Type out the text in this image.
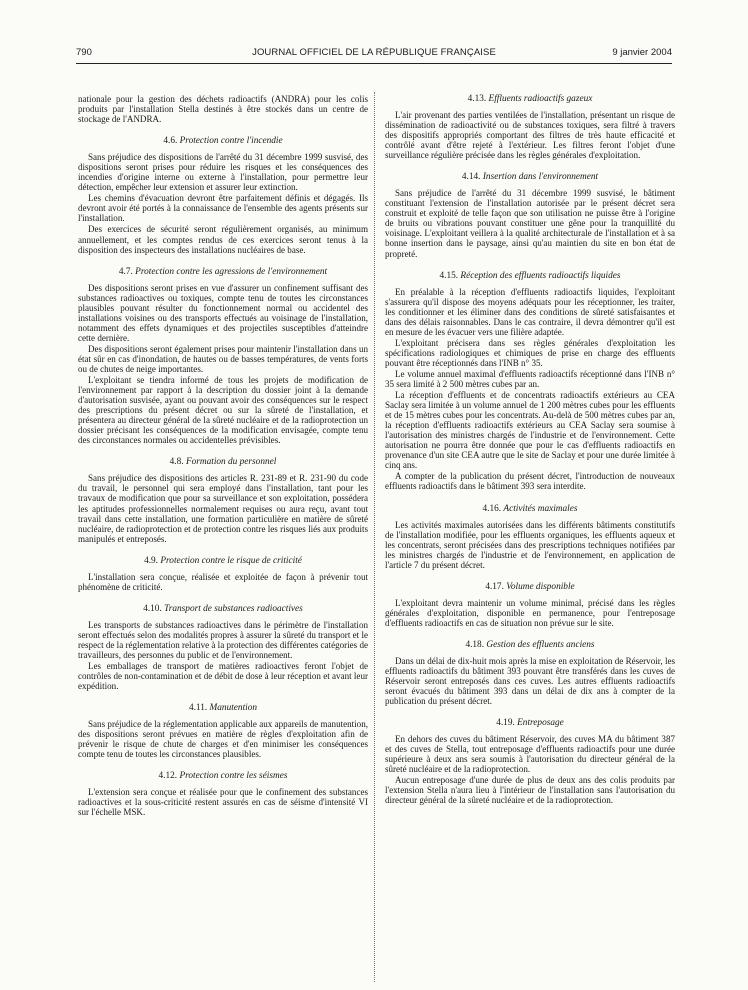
790	JOURNAL OFFICIEL DE LA RÉPUBLIQUE FRANÇAISE	9 janvier 2004

nationale pour la gestion des déchets radioactifs (ANDRA) pour les colis produits par l'installation Stella destinés à être stockés dans un centre de stockage de l'ANDRA.

4.6. Protection contre l'incendie

Sans préjudice des dispositions de l'arrêté du 31 décembre 1999 susvisé, des dispositions seront prises pour réduire les risques et les conséquences des incendies d'origine interne ou externe à l'installation, pour permettre leur détection, empêcher leur extension et assurer leur extinction.

Les chemins d'évacuation devront être parfaitement définis et dégagés. Ils devront avoir été portés à la connaissance de l'ensemble des agents présents sur l'installation.

Des exercices de sécurité seront régulièrement organisés, au minimum annuellement, et les comptes rendus de ces exercices seront tenus à la disposition des inspecteurs des installations nucléaires de base.

4.7. Protection contre les agressions de l'environnement

Des dispositions seront prises en vue d'assurer un confinement suffisant des substances radioactives ou toxiques, compte tenu de toutes les circonstances plausibles pouvant résulter du fonctionnement normal ou accidentel des installations voisines ou des transports effectués au voisinage de l'installation, notamment des effets dynamiques et des projectiles susceptibles d'atteindre cette dernière.

Des dispositions seront également prises pour maintenir l'installation dans un état sûr en cas d'inondation, de hautes ou de basses températures, de vents forts ou de chutes de neige importantes.

L'exploitant se tiendra informé de tous les projets de modification de l'environnement par rapport à la description du dossier joint à la demande d'autorisation susvisée, ayant ou pouvant avoir des conséquences sur le respect des prescriptions du présent décret ou sur la sûreté de l'installation, et présentera au directeur général de la sûreté nucléaire et de la radioprotection un dossier précisant les conséquences de la modification envisagée, compte tenu des circonstances normales ou accidentelles prévisibles.

4.8. Formation du personnel

Sans préjudice des dispositions des articles R. 231-89 et R. 231-90 du code du travail, le personnel qui sera employé dans l'installation, tant pour les travaux de modification que pour sa surveillance et son exploitation, possédera les aptitudes professionnelles normalement requises ou aura reçu, avant tout travail dans cette installation, une formation particulière en matière de sûreté nucléaire, de radioprotection et de protection contre les risques liés aux produits manipulés et entreposés.

4.9. Protection contre le risque de criticité

L'installation sera conçue, réalisée et exploitée de façon à prévenir tout phénomène de criticité.

4.10. Transport de substances radioactives

Les transports de substances radioactives dans le périmètre de l'installation seront effectués selon des modalités propres à assurer la sûreté du transport et le respect de la réglementation relative à la protection des différentes catégories de travailleurs, des personnes du public et de l'environnement.

Les emballages de transport de matières radioactives feront l'objet de contrôles de non-contamination et de débit de dose à leur réception et avant leur expédition.

4.11. Manutention

Sans préjudice de la réglementation applicable aux appareils de manutention, des dispositions seront prévues en matière de règles d'exploitation afin de prévenir le risque de chute de charges et d'en minimiser les conséquences compte tenu de toutes les circonstances plausibles.

4.12. Protection contre les séismes

L'extension sera conçue et réalisée pour que le confinement des substances radioactives et la sous-criticité restent assurés en cas de séisme d'intensité VI sur l'échelle MSK.

4.13. Effluents radioactifs gazeux

L'air provenant des parties ventilées de l'installation, présentant un risque de dissémination de radioactivité ou de substances toxiques, sera filtré à travers des dispositifs appropriés comportant des filtres de très haute efficacité et contrôlé avant d'être rejeté à l'extérieur. Les filtres feront l'objet d'une surveillance régulière précisée dans les règles générales d'exploitation.

4.14. Insertion dans l'environnement

Sans préjudice de l'arrêté du 31 décembre 1999 susvisé, le bâtiment constituant l'extension de l'installation autorisée par le présent décret sera construit et exploité de telle façon que son utilisation ne puisse être à l'origine de bruits ou vibrations pouvant constituer une gêne pour la tranquillité du voisinage. L'exploitant veillera à la qualité architecturale de l'installation et à sa bonne insertion dans le paysage, ainsi qu'au maintien du site en bon état de propreté.

4.15. Réception des effluents radioactifs liquides

En préalable à la réception d'effluents radioactifs liquides, l'exploitant s'assurera qu'il dispose des moyens adéquats pour les réceptionner, les traiter, les conditionner et les éliminer dans des conditions de sûreté satisfaisantes et dans des délais raisonnables. Dans le cas contraire, il devra démontrer qu'il est en mesure de les évacuer vers une filière adaptée.

L'exploitant précisera dans ses règles générales d'exploitation les spécifications radiologiques et chimiques de prise en charge des effluents pouvant être réceptionnés dans l'INB n° 35.

Le volume annuel maximal d'effluents radioactifs réceptionné dans l'INB n° 35 sera limité à 2 500 mètres cubes par an.

La réception d'effluents et de concentrats radioactifs extérieurs au CEA Saclay sera limitée à un volume annuel de 1 200 mètres cubes pour les effluents et de 15 mètres cubes pour les concentrats. Au-delà de 500 mètres cubes par an, la réception d'effluents radioactifs extérieurs au CEA Saclay sera soumise à l'autorisation des ministres chargés de l'industrie et de l'environnement. Cette autorisation ne pourra être donnée que pour le cas d'effluents radioactifs en provenance d'un site CEA autre que le site de Saclay et pour une durée limitée à cinq ans.

A compter de la publication du présent décret, l'introduction de nouveaux effluents radioactifs dans le bâtiment 393 sera interdite.

4.16. Activités maximales

Les activités maximales autorisées dans les différents bâtiments constitutifs de l'installation modifiée, pour les effluents organiques, les effluents aqueux et les concentrats, seront précisées dans des prescriptions techniques notifiées par les ministres chargés de l'industrie et de l'environnement, en application de l'article 7 du présent décret.

4.17. Volume disponible

L'exploitant devra maintenir un volume minimal, précisé dans les règles générales d'exploitation, disponible en permanence, pour l'entreposage d'effluents radioactifs en cas de situation non prévue sur le site.

4.18. Gestion des effluents anciens

Dans un délai de dix-huit mois après la mise en exploitation de Réservoir, les effluents radioactifs du bâtiment 393 pouvant être transférés dans les cuves de Réservoir seront entreposés dans ces cuves. Les autres effluents radioactifs seront évacués du bâtiment 393 dans un délai de dix ans à compter de la publication du présent décret.

4.19. Entreposage

En dehors des cuves du bâtiment Réservoir, des cuves MA du bâtiment 387 et des cuves de Stella, tout entreposage d'effluents radioactifs pour une durée supérieure à deux ans sera soumis à l'autorisation du directeur général de la sûreté nucléaire et de la radioprotection.

Aucun entreposage d'une durée de plus de deux ans des colis produits par l'extension Stella n'aura lieu à l'intérieur de l'installation sans l'autorisation du directeur général de la sûreté nucléaire et de la radioprotection.
